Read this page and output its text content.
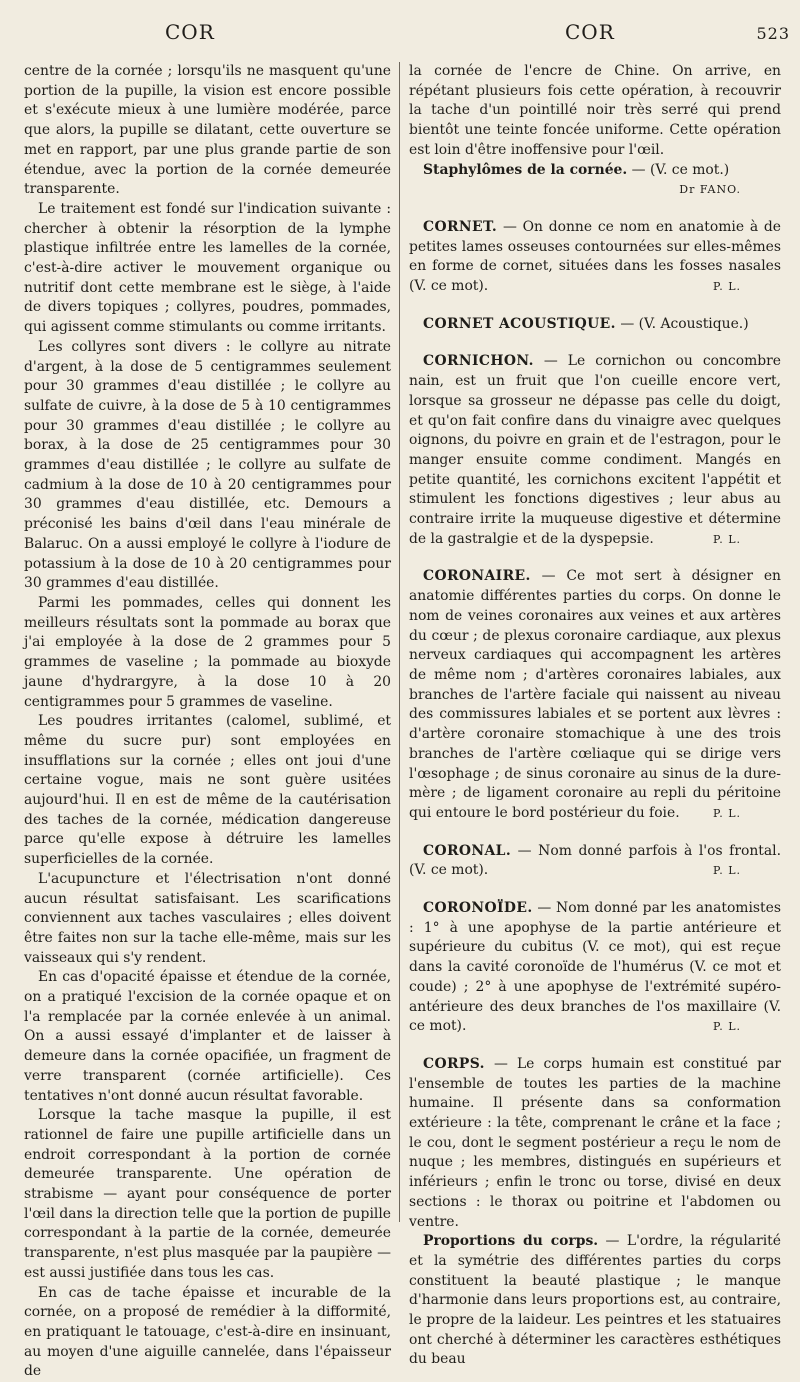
COR	COR	523

centre de la cornée ; lorsqu'ils ne masquent qu'une portion de la pupille, la vision est encore possible et s'exécute mieux à une lumière modérée, parce que alors, la pupille se dilatant, cette ouverture se met en rapport, par une plus grande partie de son étendue, avec la portion de la cornée demeurée transparente.

Le traitement est fondé sur l'indication suivante : chercher à obtenir la résorption de la lymphe plastique infiltrée entre les lamelles de la cornée, c'est-à-dire activer le mouvement organique ou nutritif dont cette membrane est le siège, à l'aide de divers topiques ; collyres, poudres, pommades, qui agissent comme stimulants ou comme irritants.

Les collyres sont divers : le collyre au nitrate d'argent, à la dose de 5 centigrammes seulement pour 30 grammes d'eau distillée ; le collyre au sulfate de cuivre, à la dose de 5 à 10 centigrammes pour 30 grammes d'eau distillée ; le collyre au borax, à la dose de 25 centigrammes pour 30 grammes d'eau distillée ; le collyre au sulfate de cadmium à la dose de 10 à 20 centigrammes pour 30 grammes d'eau distillée, etc. Demours a préconisé les bains d'œil dans l'eau minérale de Balaruc. On a aussi employé le collyre à l'iodure de potassium à la dose de 10 à 20 centigrammes pour 30 grammes d'eau distillée.

Parmi les pommades, celles qui donnent les meilleurs résultats sont la pommade au borax que j'ai employée à la dose de 2 grammes pour 5 grammes de vaseline ; la pommade au bioxyde jaune d'hydrargyre, à la dose 10 à 20 centigrammes pour 5 grammes de vaseline.

Les poudres irritantes (calomel, sublimé, et même du sucre pur) sont employées en insufflations sur la cornée ; elles ont joui d'une certaine vogue, mais ne sont guère usitées aujourd'hui. Il en est de même de la cautérisation des taches de la cornée, médication dangereuse parce qu'elle expose à détruire les lamelles superficielles de la cornée.

L'acupuncture et l'électrisation n'ont donné aucun résultat satisfaisant. Les scarifications conviennent aux taches vasculaires ; elles doivent être faites non sur la tache elle-même, mais sur les vaisseaux qui s'y rendent.

En cas d'opacité épaisse et étendue de la cornée, on a pratiqué l'excision de la cornée opaque et on l'a remplacée par la cornée enlevée à un animal. On a aussi essayé d'implanter et de laisser à demeure dans la cornée opacifiée, un fragment de verre transparent (cornée artificielle). Ces tentatives n'ont donné aucun résultat favorable.

Lorsque la tache masque la pupille, il est rationnel de faire une pupille artificielle dans un endroit correspondant à la portion de cornée demeurée transparente. Une opération de strabisme — ayant pour conséquence de porter l'œil dans la direction telle que la portion de pupille correspondant à la partie de la cornée, demeurée transparente, n'est plus masquée par la paupière — est aussi justifiée dans tous les cas.

En cas de tache épaisse et incurable de la cornée, on a proposé de remédier à la difformité, en pratiquant le tatouage, c'est-à-dire en insinuant, au moyen d'une aiguille cannelée, dans l'épaisseur de

la cornée de l'encre de Chine. On arrive, en répétant plusieurs fois cette opération, à recouvrir la tache d'un pointillé noir très serré qui prend bientôt une teinte foncée uniforme. Cette opération est loin d'être inoffensive pour l'œil.

Staphylômes de la cornée. — (V. ce mot.)
Dr FANO.

CORNET. — On donne ce nom en anatomie à de petites lames osseuses contournées sur elles-mêmes en forme de cornet, situées dans les fosses nasales (V. ce mot).	P. L.

CORNET ACOUSTIQUE. — (V. Acoustique.)

CORNICHON. — Le cornichon ou concombre nain, est un fruit que l'on cueille encore vert, lorsque sa grosseur ne dépasse pas celle du doigt, et qu'on fait confire dans du vinaigre avec quelques oignons, du poivre en grain et de l'estragon, pour le manger ensuite comme condiment. Mangés en petite quantité, les cornichons excitent l'appétit et stimulent les fonctions digestives ; leur abus au contraire irrite la muqueuse digestive et détermine de la gastralgie et de la dyspepsie.	P. L.

CORONAIRE. — Ce mot sert à désigner en anatomie différentes parties du corps. On donne le nom de veines coronaires aux veines et aux artères du cœur ; de plexus coronaire cardiaque, aux plexus nerveux cardiaques qui accompagnent les artères de même nom ; d'artères coronaires labiales, aux branches de l'artère faciale qui naissent au niveau des commissures labiales et se portent aux lèvres : d'artère coronaire stomachique à une des trois branches de l'artère cœliaque qui se dirige vers l'œsophage ; de sinus coronaire au sinus de la dure-mère ; de ligament coronaire au repli du péritoine qui entoure le bord postérieur du foie.	P. L.

CORONAL. — Nom donné parfois à l'os frontal. (V. ce mot).	P. L.

CORONOÏDE. — Nom donné par les anatomistes : 1° à une apophyse de la partie antérieure et supérieure du cubitus (V. ce mot), qui est reçue dans la cavité coronoïde de l'humérus (V. ce mot et coude) ; 2° à une apophyse de l'extrémité supéro-antérieure des deux branches de l'os maxillaire (V. ce mot).	P. L.

CORPS. — Le corps humain est constitué par l'ensemble de toutes les parties de la machine humaine. Il présente dans sa conformation extérieure : la tête, comprenant le crâne et la face ; le cou, dont le segment postérieur a reçu le nom de nuque ; les membres, distingués en supérieurs et inférieurs ; enfin le tronc ou torse, divisé en deux sections : le thorax ou poitrine et l'abdomen ou ventre.

Proportions du corps. — L'ordre, la régularité et la symétrie des différentes parties du corps constituent la beauté plastique ; le manque d'harmonie dans leurs proportions est, au contraire, le propre de la laideur. Les peintres et les statuaires ont cherché à déterminer les caractères esthétiques du beau
